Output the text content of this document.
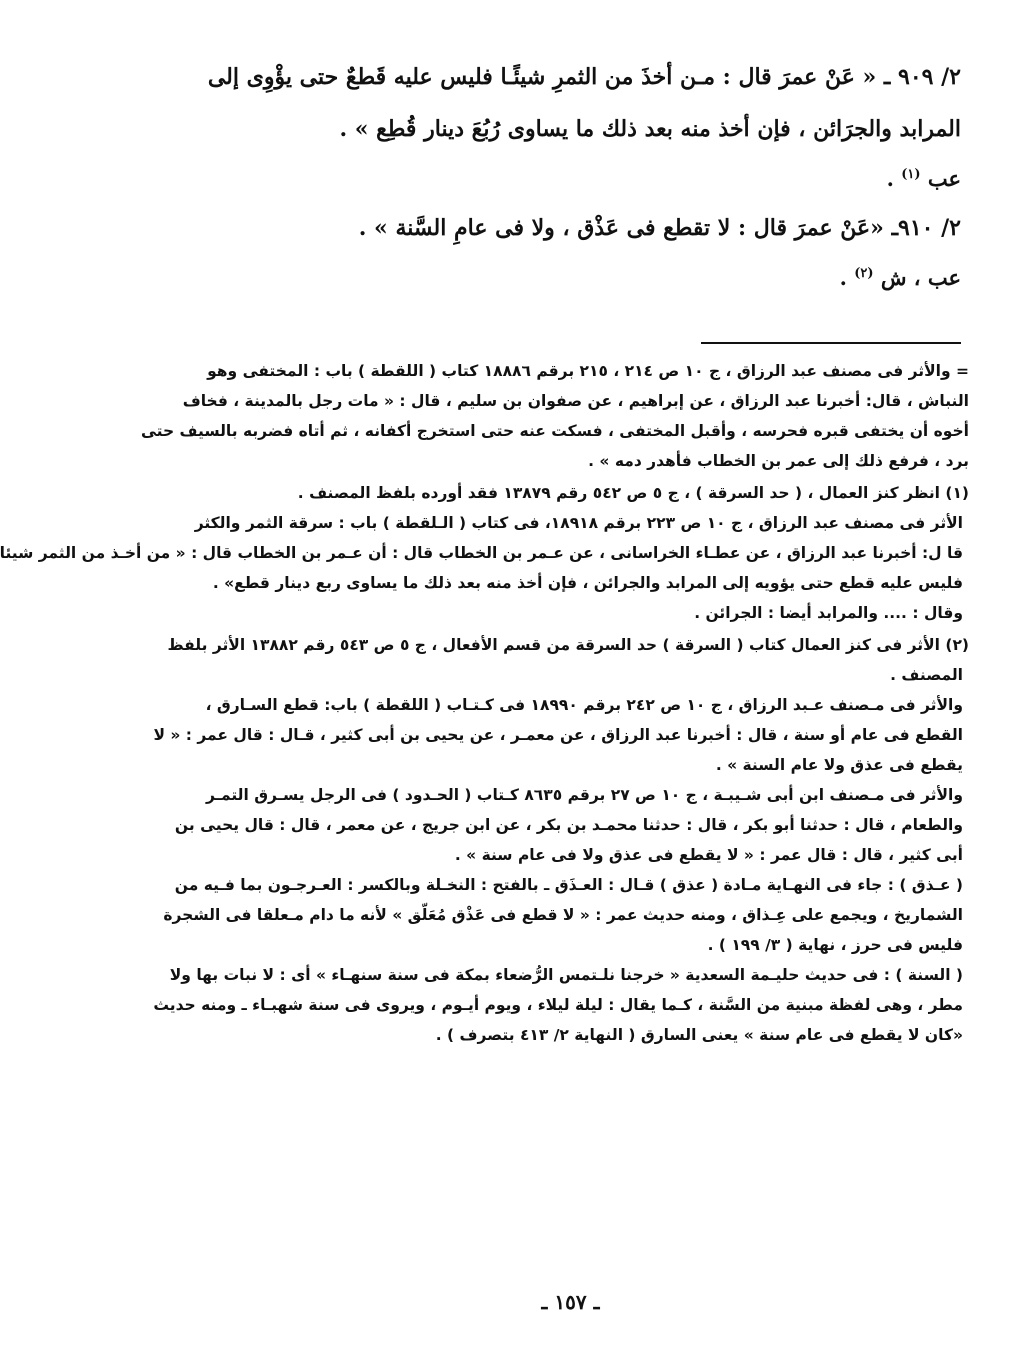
٢/ ٩٠٩ ـ « عَنْ عمرَ قال : مـن أخذَ من الثمرِ شيئًـا فليس عليه قَطعٌ حتى يؤْوِى إلى

المرابد والجرَائن ، فإن أخذ منه بعد ذلك ما يساوى رُبُعَ دينار قُطِع » .

عب $^{(١)}$ .

٢/ ٩١٠ـ «عَنْ عمرَ قال : لا تقطع فى عَذْق ، ولا فى عامِ السَّنة » .

عب ، ش $^{(٢)}$ .

= والأثر فى مصنف عبد الرزاق ، ج ١٠ ص ٢١٤ ، ٢١٥ برقم ١٨٨٨٦ كتاب ( اللقطة ) باب : المختفى وهو

النباش ، قال: أخبرنا عبد الرزاق ، عن إبراهيم ، عن صفوان بن سليم ، قال : « مات رجل بالمدينة ، فخاف

أخوه أن يختفى قبره فحرسه ، وأقبل المختفى ، فسكت عنه حتى استخرج أكفانه ، ثم أتاه فضربه بالسيف حتى

برد ، فرفع ذلك إلى عمر بن الخطاب فأهدر دمه » .

(١) انظر كنز العمال ، ( حد السرقة ) ، ج ٥ ص ٥٤٢ رقم ١٣٨٧٩ فقد أورده بلفظ المصنف .

الأثر فى مصنف عبد الرزاق ، ج ١٠ ص ٢٢٣ برقم ١٨٩١٨، فى كتاب ( الـلقطة ) باب : سرقة الثمر والكثر

قا ل: أخبرنا عبد الرزاق ، عن عطـاء الخراسانى ، عن عـمر بن الخطاب قال : أن عـمر بن الخطاب قال : « من أخـذ من الثمر شيئا

فليس عليه قطع حتى يؤويه إلى المرابد والجرائن ، فإن أخذ منه بعد ذلك ما يساوى ربع دينار قطع» .

وقال : .... والمرابد أيضا : الجرائن .

(٢) الأثر فى كنز العمال كتاب ( السرقة ) حد السرقة من قسم الأفعال ، ج ٥ ص ٥٤٣ رقم ١٣٨٨٢ الأثر بلفظ

المصنف .

والأثر فى مـصنف عـبد الرزاق ، ج ١٠ ص ٢٤٢ برقم ١٨٩٩٠ فى كـتـاب ( اللقطة ) باب: قطع السـارق ،

القطع فى عام أو سنة ، قال : أخبرنا عبد الرزاق ، عن معمـر ، عن يحيى بن أبى كثير ، قـال : قال عمر : « لا

يقطع فى عذق ولا عام السنة » .

والأثر فى مـصنف ابن أبى شـيبـة ، ج ١٠ ص ٢٧ برقم ٨٦٣٥ كـتاب ( الحـدود ) فى الرجل يسـرق التمـر

والطعام ، قال : حدثنا أبو بكر ، قال : حدثنا محمـد بن بكر ، عن ابن جريج ، عن معمر ، قال : قال يحيى بن

أبى كثير ، قال : قال عمر : « لا يقطع فى عذق ولا فى عام سنة » .

( عـذق ) : جاء فى النهـاية مـادة ( عذق ) قـال : العـذَق ـ بالفتح : النخـلة وبالكسر : العـرجـون بما فـيه من

الشماريخ ، ويجمع على عِـذاق ، ومنه حديث عمر : « لا قطع فى عَذْق مُعَلّق » لأنه ما دام مـعلقا فى الشجرة

فليس فى حرز ، نهاية ( ٣/ ١٩٩ ) .

( السنة ) : فى حديث حليـمة السعدية « خرجنا نلـتمس الرُّضعاء بمكة فى سنة سنهـاء » أى : لا نبات بها ولا

مطر ، وهى لفظة مبنية من السَّنة ، كـما يقال : ليلة ليلاء ، ويوم أيـوم ، ويروى فى سنة شهبـاء ـ ومنه حديث

«كان لا يقطع فى عام سنة » يعنى السارق ( النهاية ٢/ ٤١٣ بتصرف ) .

ـ ١٥٧ ـ
